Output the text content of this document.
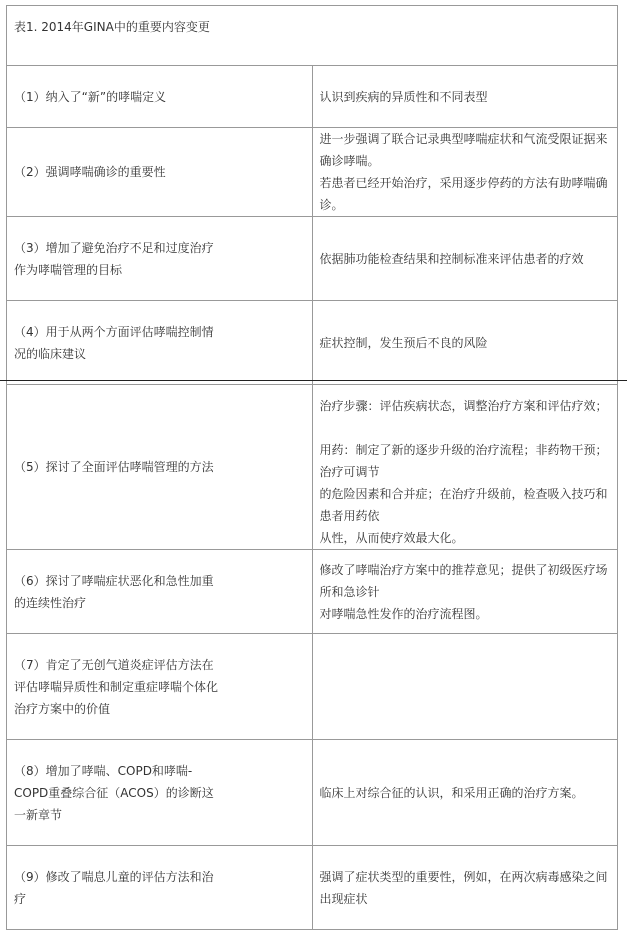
表1. 2014年GINA中的重要内容变更	

（1）纳入了“新”的哮喘定义	认识到疾病的异质性和不同表型

（2）强调哮喘确诊的重要性	进一步强调了联合记录典型哮喘症状和气流受限证据来确诊哮喘。
若患者已经开始治疗，采用逐步停药的方法有助哮喘确诊。

（3）增加了避免治疗不足和过度治疗
作为哮喘管理的目标	依据肺功能检查结果和控制标准来评估患者的疗效

（4）用于从两个方面评估哮喘控制情
况的临床建议	症状控制，发生预后不良的风险

（5）探讨了全面评估哮喘管理的方法	治疗步骤：评估疾病状态，调整治疗方案和评估疗效；
用药：制定了新的逐步升级的治疗流程；非药物干预；治疗可调节
的危险因素和合并症；在治疗升级前，检查吸入技巧和患者用药依
从性，从而使疗效最大化。

（6）探讨了哮喘症状恶化和急性加重
的连续性治疗	修改了哮喘治疗方案中的推荐意见；提供了初级医疗场所和急诊针
对哮喘急性发作的治疗流程图。

（7）肯定了无创气道炎症评估方法在
评估哮喘异质性和制定重症哮喘个体化
治疗方案中的价值	

（8）增加了哮喘、COPD和哮喘-
COPD重叠综合征（ACOS）的诊断这
一新章节	临床上对综合征的认识，和采用正确的治疗方案。

（9）修改了喘息儿童的评估方法和治
疗	强调了症状类型的重要性，例如，在两次病毒感染之间出现症状
